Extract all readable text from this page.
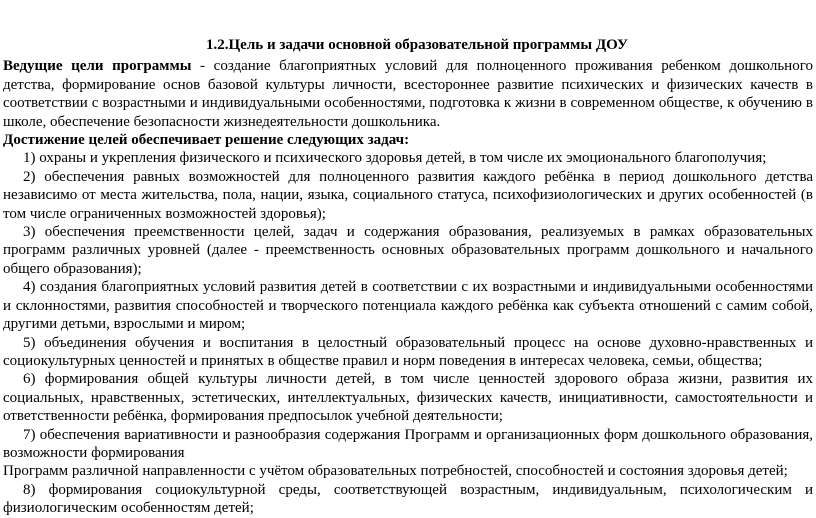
1.2.Цель и задачи основной образовательной программы ДОУ

Ведущие цели программы - создание благоприятных условий для полноценного проживания ребенком дошкольного детства, формирование основ базовой культуры личности, всестороннее развитие психических и физических качеств в соответствии с возрастными и индивидуальными особенностями, подготовка к жизни в современном обществе, к обучению в школе, обеспечение безопасности жизнедеятельности дошкольника.

Достижение целей обеспечивает решение следующих задач:

1) охраны и укрепления физического и психического здоровья детей, в том числе их эмоционального благополучия;

2) обеспечения равных возможностей для полноценного развития каждого ребёнка в период дошкольного детства независимо от места жительства, пола, нации, языка, социального статуса, психофизиологических и других особенностей (в том числе ограниченных возможностей здоровья);

3) обеспечения преемственности целей, задач и содержания образования, реализуемых в рамках образовательных программ различных уровней (далее - преемственность основных образовательных программ дошкольного и начального общего образования);

4) создания благоприятных условий развития детей в соответствии с их возрастными и индивидуальными особенностями и склонностями, развития способностей и творческого потенциала каждого ребёнка как субъекта отношений с самим собой, другими детьми, взрослыми и миром;

5) объединения обучения и воспитания в целостный образовательный процесс на основе духовно-нравственных и социокультурных ценностей и принятых в обществе правил и норм поведения в интересах человека, семьи, общества;

6) формирования общей культуры личности детей, в том числе ценностей здорового образа жизни, развития их социальных, нравственных, эстетических, интеллектуальных, физических качеств, инициативности, самостоятельности и ответственности ребёнка, формирования предпосылок учебной деятельности;

7) обеспечения вариативности и разнообразия содержания Программ и организационных форм дошкольного образования, возможности формирования

Программ различной направленности с учётом образовательных потребностей, способностей и состояния здоровья детей;

8) формирования социокультурной среды, соответствующей возрастным, индивидуальным, психологическим и физиологическим особенностям детей;
